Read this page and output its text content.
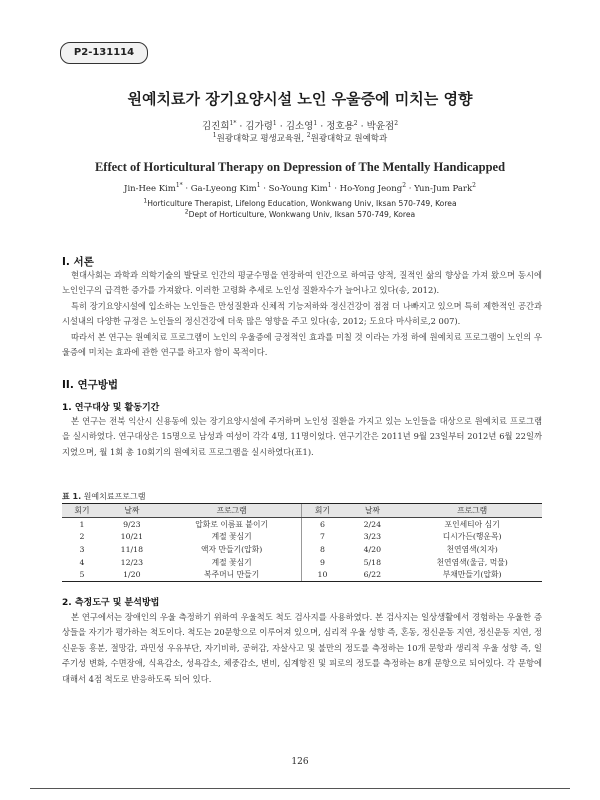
P2-131114
원예치료가 장기요양시설 노인 우울증에 미치는 영향
김진희$^{1*}$ · 김가령$^1$ · 김소영$^1$ · 정호용$^2$ · 박윤점$^2$
$^1$원광대학교 평생교육원, $^2$원광대학교 원예학과
Effect of Horticultural Therapy on Depression of The Mentally Handicapped
Jin-Hee Kim$^{1*}$ · Ga-Lyeong Kim$^1$ · So-Young Kim$^1$ · Ho-Yong Jeong$^2$ · Yun-Jum Park$^2$
$^1$Horticulture Therapist, Lifelong Education, Wonkwang Univ, Iksan 570-749, Korea
$^2$Dept of Horticulture, Wonkwang Univ, Iksan 570-749, Korea
I. 서론
현대사회는 과학과 의학기술의 발달로 인간의 평균수명을 연장하여 인간으로 하여금 양적, 질적인 삶의 향상을 가져 왔으며 동시에 노인인구의 급격한 증가를 가져왔다. 이러한 고령화 추세로 노인성 질환자수가 늘어나고 있다(송, 2012).
특히 장기요양시설에 입소하는 노인들은 만성질환과 신체적 기능저하와 정신건강이 점점 더 나빠지고 있으며 특히 제한적인 공간과 시설내의 다양한 규정은 노인들의 정신건강에 더욱 많은 영향을 주고 있다(송, 2012; 도요다 마사히로,2 007).
따라서 본 연구는 원예치료 프로그램이 노인의 우울증에 긍정적인 효과를 미칠 것 이라는 가정 하에 원예치료 프로그램이 노인의 우울증에 미치는 효과에 관한 연구를 하고자 함이 목적이다.
II. 연구방법
1. 연구대상 및 활동기간
본 연구는 전북 익산시 신용동에 있는 장기요양시설에 주거하며 노인성 질환을 가지고 있는 노인들을 대상으로 원예치료 프로그램을 실시하였다. 연구대상은 15명으로 남성과 여성이 각각 4명, 11명이었다. 연구기간은 2011년 9월 23일부터 2012년 6월 22일까지였으며, 월 1회 총 10회기의 원예치료 프로그램을 실시하였다(표1).
표 1. 원예치료프로그램
회기	날짜	프로그램	회기	날짜	프로그램
1	9/23	압화로 이름표 붙이기	6	2/24	포인세티아 심기
2	10/21	계절 꽃심기	7	3/23	디시가든(행운목)
3	11/18	액자 만들기(압화)	8	4/20	천연염색(치자)
4	12/23	계절 꽃심기	9	5/18	천연염색(울금, 먹물)
5	1/20	복주머니 만들기	10	6/22	부채만들기(압화)
2. 측정도구 및 분석방법
본 연구에서는 장애인의 우울 측정하기 위하여 우울척도 척도 검사지를 사용하였다. 본 검사지는 일상생활에서 경험하는 우울한 증상들을 자기가 평가하는 척도이다. 척도는 20문항으로 이루어져 있으며, 심리적 우울 성향 즉, 혼동, 정신운동 지연, 정신운동 지연, 정신운동 흥분, 절망감, 과민성 우유부단, 자기비하, 공허감, 자살사고 및 불만의 정도를 측정하는 10개 문항과 생리적 우울 성향 즉, 일주기성 변화, 수면장애, 식욕감소, 성욕감소, 체중감소, 변비, 심계항진 및 피로의 정도를 측정하는 8개 문항으로 되어있다. 각 문항에 대해서 4점 척도로 반응하도록 되어 있다.
126
